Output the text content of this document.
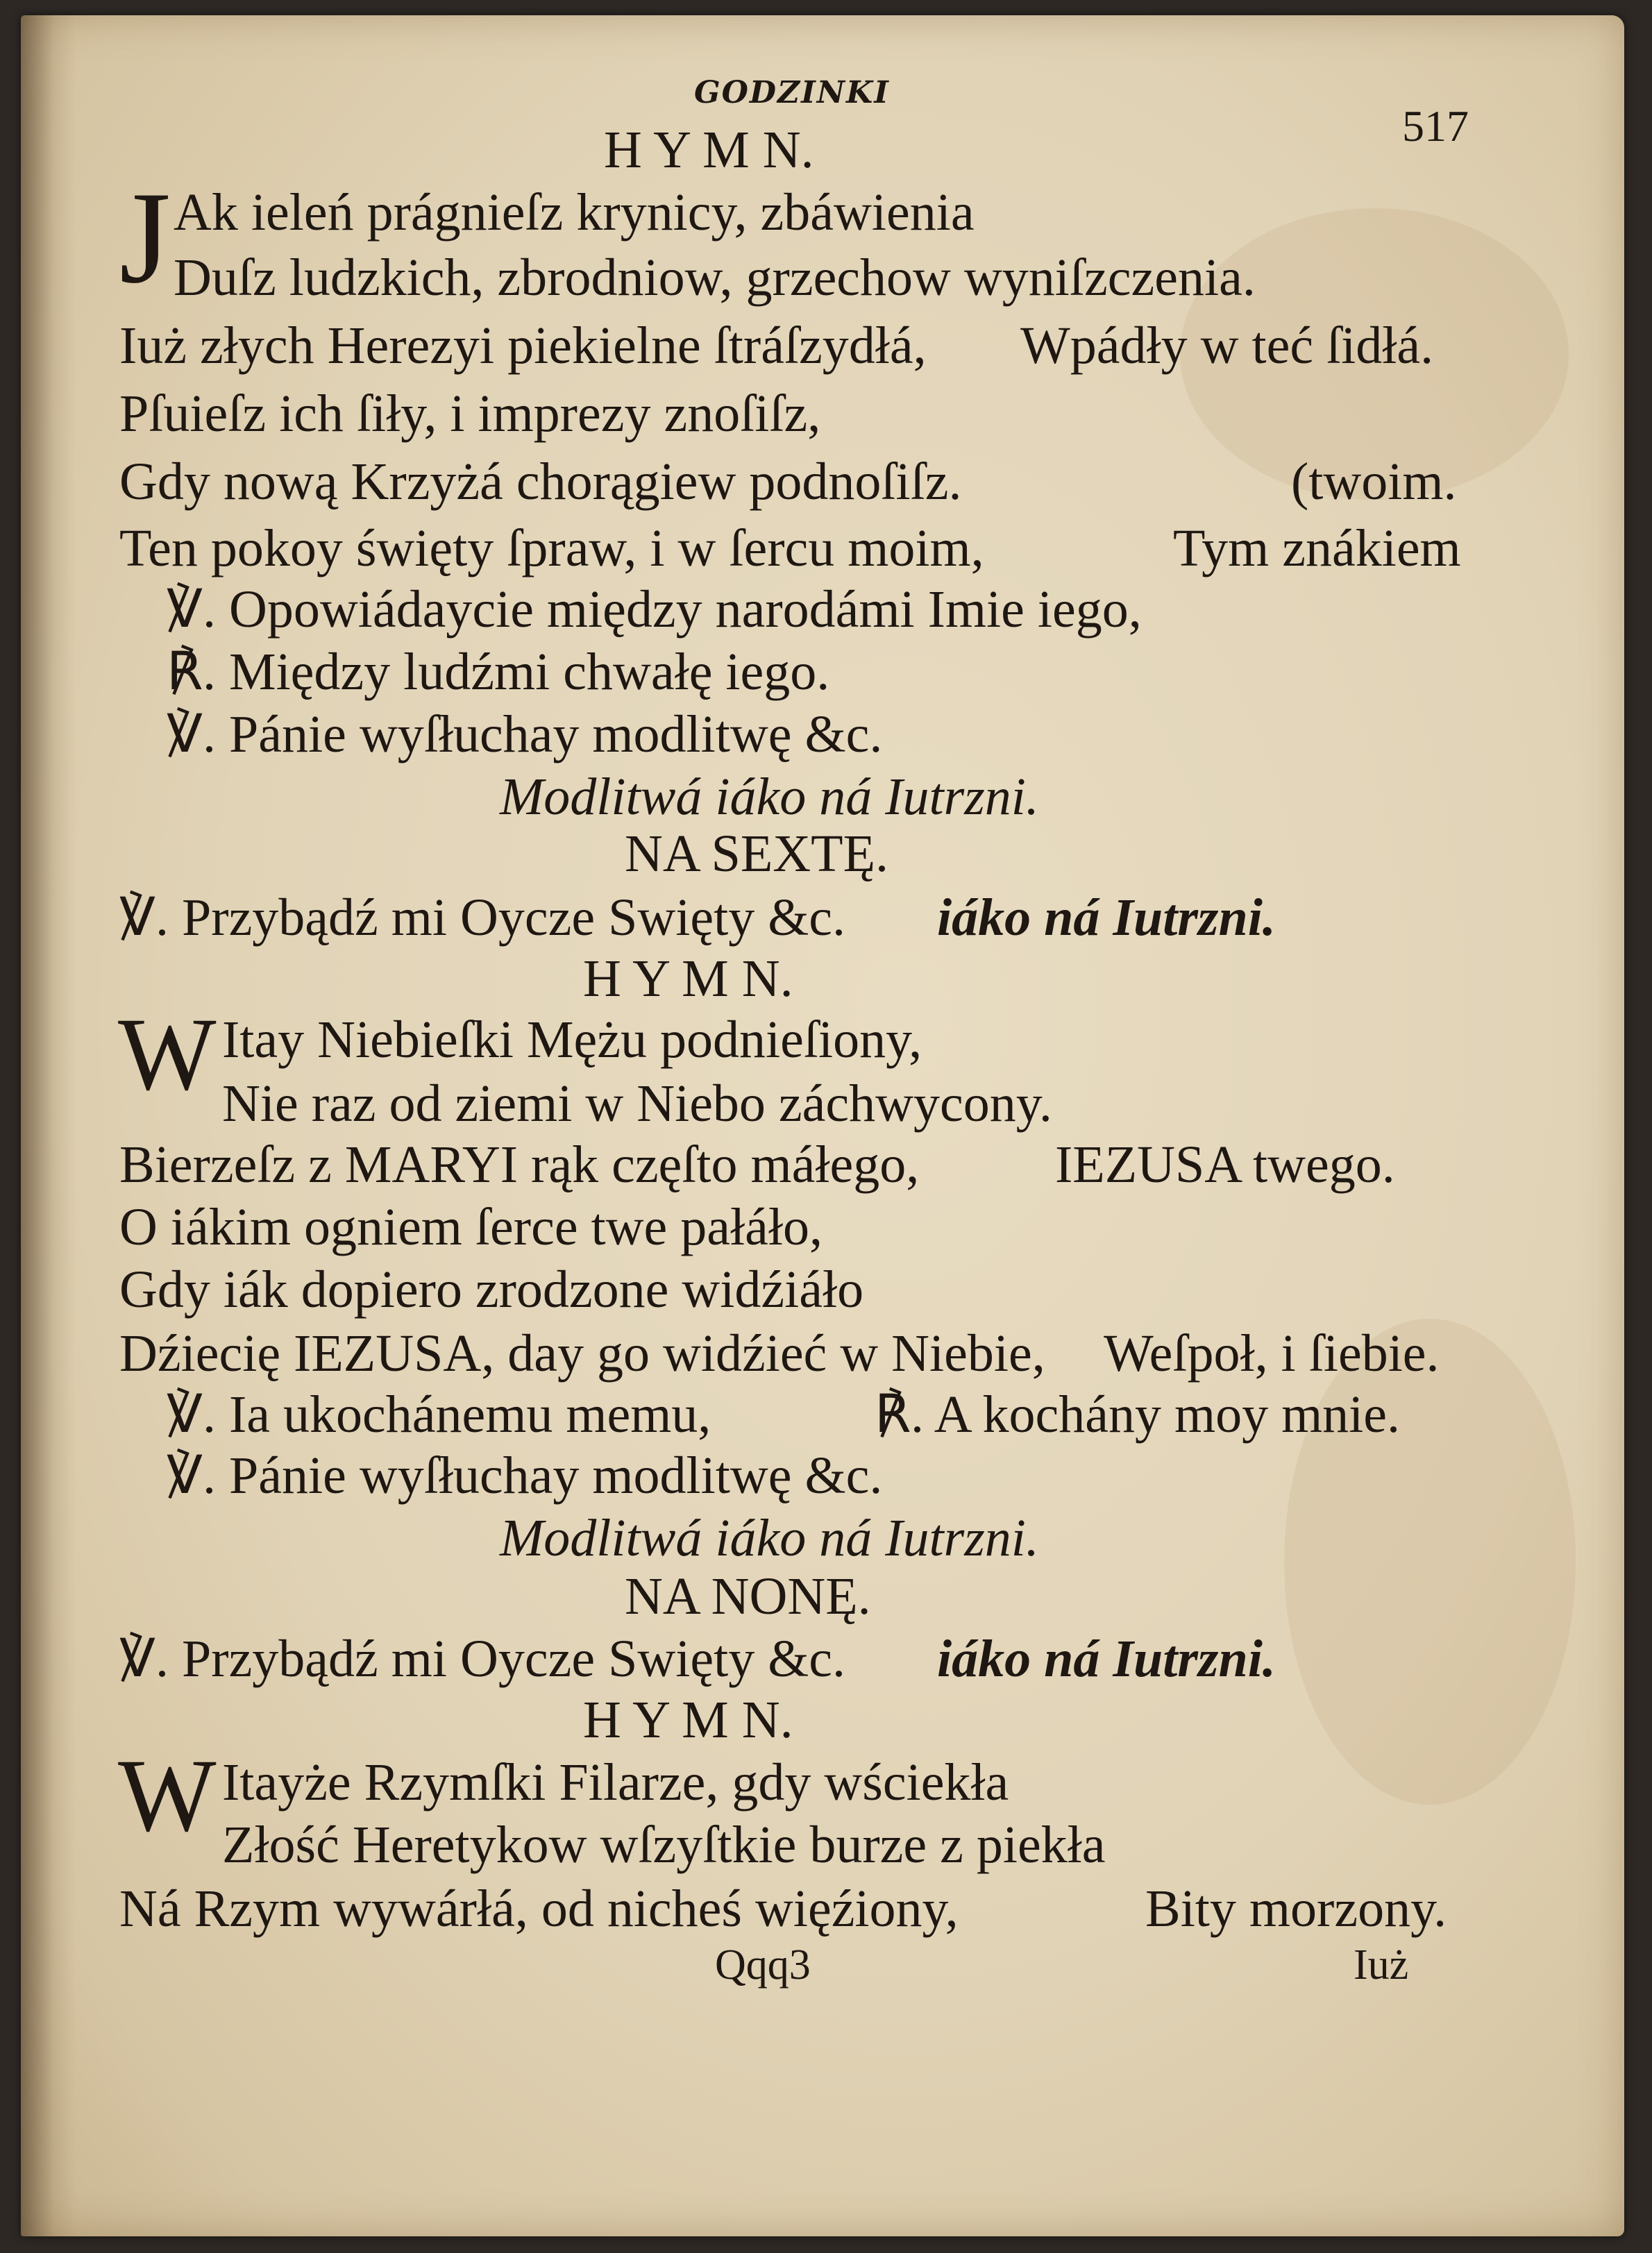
GODZINKI
517
H Y M N.
J Ak ieleń prágnieſz krynicy, zbáwienia
Duſz ludzkich, zbrodniow, grzechow wyniſzczenia.
Iuż złych Herezyi piekielne ſtráſzydłá, Wpádły w teć ſidłá.
Pſuieſz ich ſiły, i imprezy znoſiſz,
Gdy nową Krzyżá chorągiew podnoſiſz.	(twoim.
Ten pokoy święty ſpraw, i w ſercu moim,	Tym znákiem
℣. Opowiádaycie między narodámi Imie iego,
℟. Między ludźmi chwałę iego.
℣. Pánie wyſłuchay modlitwę &c.
Modlitwá iáko ná Iutrzni.
NA SEXTĘ.
℣. Przybądź mi Oycze Swięty &c. iáko ná Iutrzni.
H Y M N.
W Itay Niebieſki Mężu podnieſiony,
Nie raz od ziemi w Niebo záchwycony.
Bierzeſz z MARYI rąk częſto máłego,	IEZUSA twego.
O iákim ogniem ſerce twe pałáło,
Gdy iák dopiero zrodzone widźiáło
Dźiecię IEZUSA, day go widźieć w Niebie, Weſpoł, i ſiebie.
℣. Ia ukochánemu memu,	℟. A kochány moy mnie.
℣. Pánie wyſłuchay modlitwę &c.
Modlitwá iáko ná Iutrzni.
NA NONĘ.
℣. Przybądź mi Oycze Swięty &c. iáko ná Iutrzni.
H Y M N.
W Itayże Rzymſki Filarze, gdy wściekła
Złość Heretykow wſzyſtkie burze z piekła
Ná Rzym wywárłá, od nicheś więźiony,	Bity morzony.
Qqq3	Iuż
